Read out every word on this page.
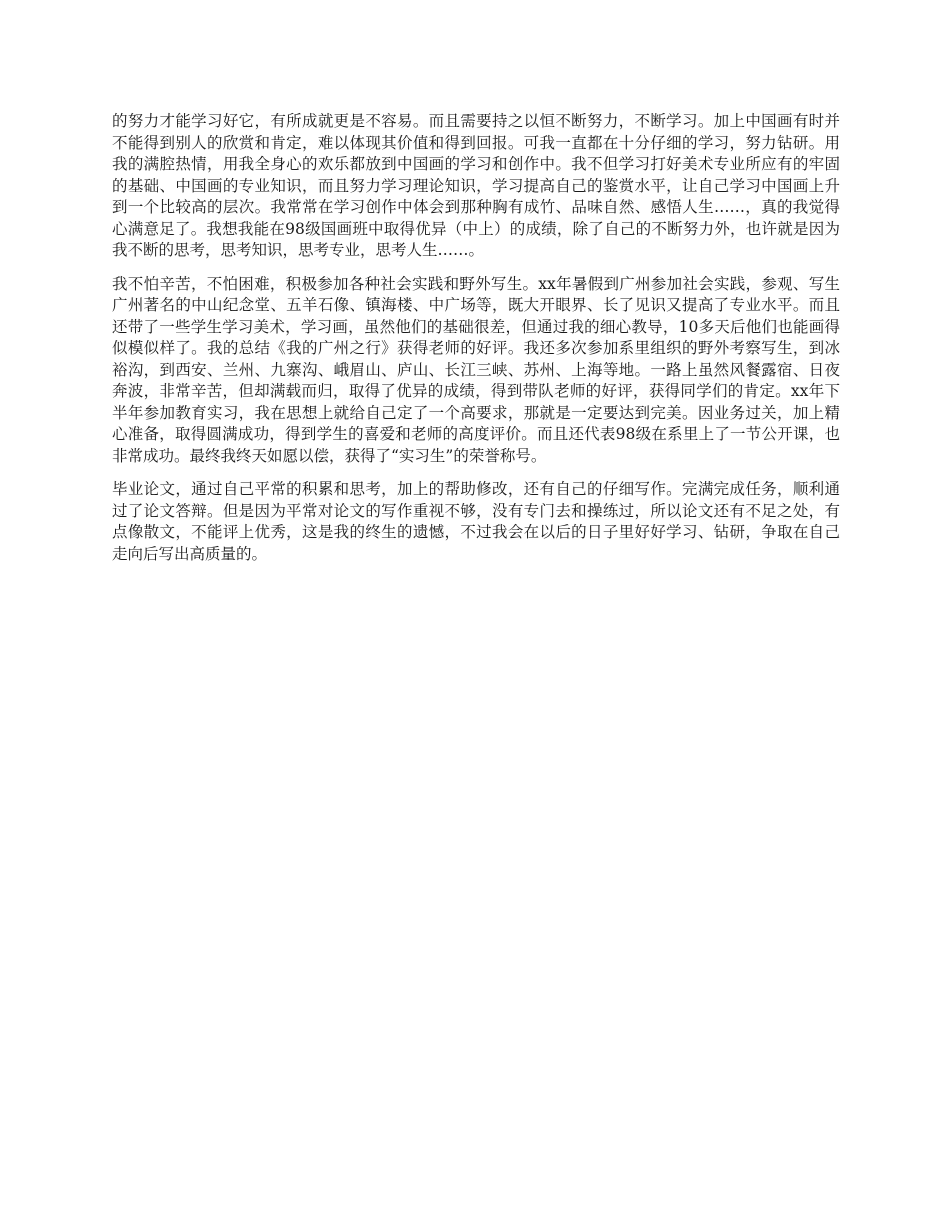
的努力才能学习好它，有所成就更是不容易。而且需要持之以恒不断努力，不断学习。加上中国画有时并不能得到别人的欣赏和肯定，难以体现其价值和得到回报。可我一直都在十分仔细的学习，努力钻研。用我的满腔热情，用我全身心的欢乐都放到中国画的学习和创作中。我不但学习打好美术专业所应有的牢固的基础、中国画的专业知识，而且努力学习理论知识，学习提高自己的鉴赏水平，让自己学习中国画上升到一个比较高的层次。我常常在学习创作中体会到那种胸有成竹、品味自然、感悟人生……，真的我觉得心满意足了。我想我能在98级国画班中取得优异（中上）的成绩，除了自己的不断努力外，也许就是因为我不断的思考，思考知识，思考专业，思考人生……。

我不怕辛苦，不怕困难，积极参加各种社会实践和野外写生。xx年暑假到广州参加社会实践，参观、写生广州著名的中山纪念堂、五羊石像、镇海楼、中广场等，既大开眼界、长了见识又提高了专业水平。而且还带了一些学生学习美术，学习画，虽然他们的基础很差，但通过我的细心教导，10多天后他们也能画得似模似样了。我的总结《我的广州之行》获得老师的好评。我还多次参加系里组织的野外考察写生，到冰裕沟，到西安、兰州、九寨沟、峨眉山、庐山、长江三峡、苏州、上海等地。一路上虽然风餐露宿、日夜奔波，非常辛苦，但却满载而归，取得了优异的成绩，得到带队老师的好评，获得同学们的肯定。xx年下半年参加教育实习，我在思想上就给自己定了一个高要求，那就是一定要达到完美。因业务过关，加上精心准备，取得圆满成功，得到学生的喜爱和老师的高度评价。而且还代表98级在系里上了一节公开课，也非常成功。最终我终天如愿以偿，获得了“实习生”的荣誉称号。

毕业论文，通过自己平常的积累和思考，加上的帮助修改，还有自己的仔细写作。完满完成任务，顺利通过了论文答辩。但是因为平常对论文的写作重视不够，没有专门去和操练过，所以论文还有不足之处，有点像散文，不能评上优秀，这是我的终生的遗憾，不过我会在以后的日子里好好学习、钻研，争取在自己走向后写出高质量的。
